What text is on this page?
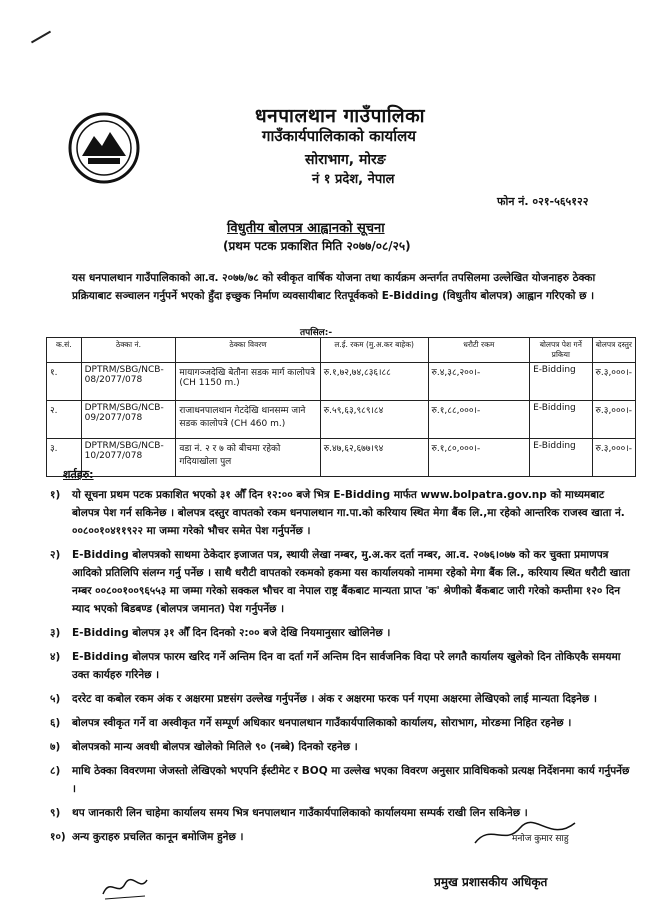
धनपालथान गाउँपालिका
गाउँकार्यपालिकाको कार्यालय
सोराभाग, मोरङ
नं १ प्रदेश, नेपाल
फोन नं. ०२१-५६५१२२
विधुतीय बोलपत्र आह्वानको सूचना
(प्रथम पटक प्रकाशित मिति २०७७/०८/२५)
यस धनपालथान गाउँपालिकाको आ.व. २०७७/७८ को स्वीकृत वार्षिक योजना तथा कार्यक्रम अन्तर्गत तपसिलमा उल्लेखित योजनाहरु ठेक्का प्रक्रियाबाट सञ्चालन गर्नुपर्ने भएको हुँदा इच्छुक निर्माण व्यवसायीबाट रितपूर्वकको E-Bidding (विधुतीय बोलपत्र) आह्वान गरिएको छ ।
तपसिल:-
क.सं.	ठेक्का नं.	ठेक्का विवरण	ल.ई. रकम (मु.अ.कर बाहेक)	धरौटी रकम	बोलपत्र पेश गर्ने प्रकिया	बोलपत्र दस्तुर
१.	DPTRM/SBG/NCB-08/2077/078	मायागञ्जदेखि बेतौना सडक मार्ग कालोपत्रे (CH 1150 m.)	रु.१,७२,७४,८३६।८८	रु.४,३८,२००।-	E-Bidding	रु.३,०००।-
२.	DPTRM/SBG/NCB-09/2077/078	राजाधनपालथान गेटदेखि थानसम्म जाने सडक कालोपत्रे (CH 460 m.)	रु.५९,६३,९८९।८४	रु.१,८८,०००।-	E-Bidding	रु.३,०००।-
३.	DPTRM/SBG/NCB-10/2077/078	वडा नं. २ र ७ को बीचमा रहेको गदियाखोला पुल	रु.४७,६२,६७७।९४	रु.१,८०,०००।-	E-Bidding	रु.३,०००।-
शर्तहरु:
१)	यो सूचना प्रथम पटक प्रकाशित भएको ३१ औँ दिन १२:०० बजे भित्र E-Bidding मार्फत www.bolpatra.gov.np को माध्यमबाट बोलपत्र पेश गर्न सकिनेछ । बोलपत्र दस्तुर वापतको रकम धनपालथान गा.पा.को करियाय स्थित मेगा बैंक लि.,मा रहेको आन्तरिक राजस्व खाता नं. ००८००१०४११९२२ मा जम्मा गरेको भौचर समेत पेश गर्नुपर्नेछ ।
२)	E-Bidding बोलपत्रको साथमा ठेकेदार इजाजत पत्र, स्थायी लेखा नम्बर, मु.अ.कर दर्ता नम्बर, आ.व. २०७६।०७७ को कर चुक्ता प्रमाणपत्र आदिको प्रतिलिपि संलग्न गर्नु पर्नेछ । साथै धरौटी वापतको रकमको हकमा यस कार्यालयको नाममा रहेको मेगा बैंक लि., करियाय स्थित धरौटी खाता नम्बर ००८००१००९६५५३ मा जम्मा गरेको सक्कल भौचर वा नेपाल राष्ट्र बैंकबाट मान्यता प्राप्त 'क' श्रेणीको बैंकबाट जारी गरेको कम्तीमा १२० दिन म्याद भएको बिडबण्ड (बोलपत्र जमानत) पेश गर्नुपर्नेछ ।
३)	E-Bidding बोलपत्र ३१ औँ दिन दिनको २:०० बजे देखि नियमानुसार खोलिनेछ ।
४)	E-Bidding बोलपत्र फारम खरिद गर्ने अन्तिम दिन वा दर्ता गर्ने अन्तिम दिन सार्वजनिक विदा परे लगतै कार्यालय खुलेको दिन तोकिएकै समयमा उक्त कार्यहरु गरिनेछ ।
५)	दररेट वा कबोल रकम अंक र अक्षरमा प्रष्टसंग उल्लेख गर्नुपर्नेछ । अंक र अक्षरमा फरक पर्न गएमा अक्षरमा लेखिएको लाई मान्यता दिइनेछ ।
६)	बोलपत्र स्वीकृत गर्ने वा अस्वीकृत गर्ने सम्पूर्ण अधिकार धनपालथान गाउँकार्यपालिकाको कार्यालय, सोराभाग, मोरङमा निहित रहनेछ ।
७)	बोलपत्रको मान्य अवधी बोलपत्र खोलेको मितिले ९० (नब्बे) दिनको रहनेछ ।
८)	माथि ठेक्का विवरणमा जेजस्तो लेखिएको भएपनि ईस्टीमेट र BOQ मा उल्लेख भएका विवरण अनुसार प्राविधिकको प्रत्यक्ष निर्देशनमा कार्य गर्नुपर्नेछ ।
९)	थप जानकारी लिन चाहेमा कार्यालय समय भित्र धनपालथान गाउँकार्यपालिकाको कार्यालयमा सम्पर्क राखी लिन सकिनेछ ।
१०) अन्य कुराहरु प्रचलित कानून बमोजिम हुनेछ ।	मनोज कुमार साहु
प्रमुख प्रशासकीय अधिकृत
